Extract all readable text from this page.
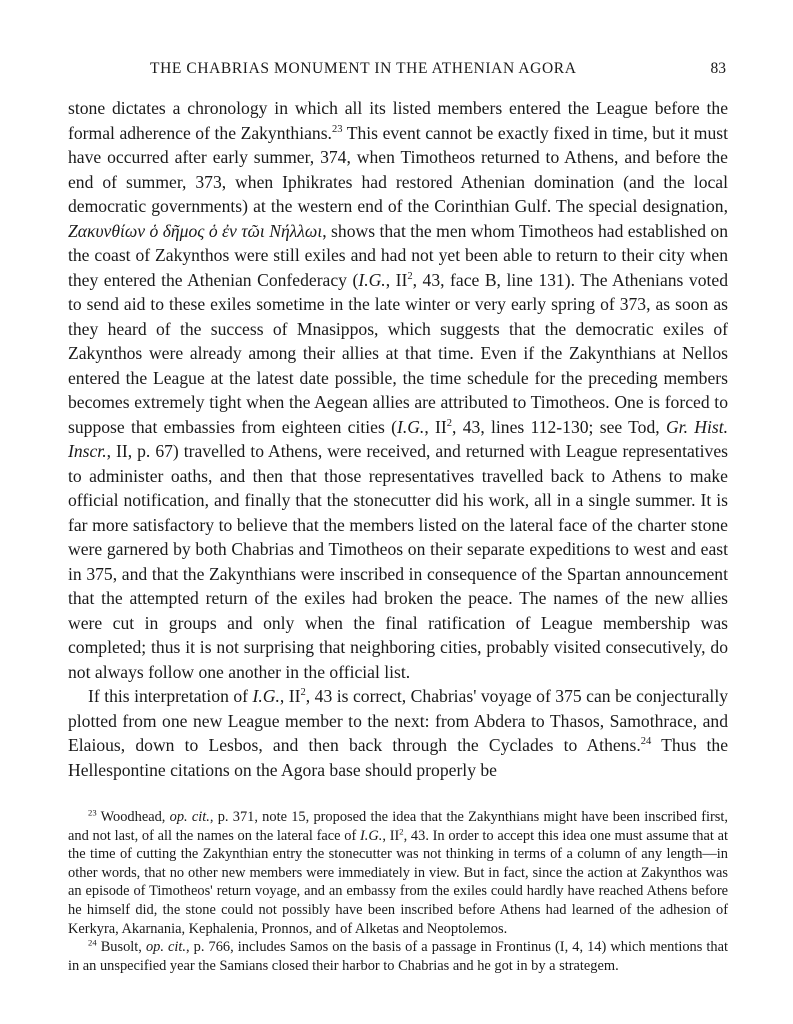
THE CHABRIAS MONUMENT IN THE ATHENIAN AGORA	83

stone dictates a chronology in which all its listed members entered the League before the formal adherence of the Zakynthians.$^{23}$ This event cannot be exactly fixed in time, but it must have occurred after early summer, 374, when Timotheos returned to Athens, and before the end of summer, 373, when Iphikrates had restored Athenian domination (and the local democratic governments) at the western end of the Corinthian Gulf. The special designation, Ζακυνθίων ὁ δῆμος ὁ ἐν τῶι Νήλλωι, shows that the men whom Timotheos had established on the coast of Zakynthos were still exiles and had not yet been able to return to their city when they entered the Athenian Confederacy (I.G., $II^2$, 43, face B, line 131). The Athenians voted to send aid to these exiles sometime in the late winter or very early spring of 373, as soon as they heard of the success of Mnasippos, which suggests that the democratic exiles of Zakynthos were already among their allies at that time. Even if the Zakynthians at Nellos entered the League at the latest date possible, the time schedule for the preceding members becomes extremely tight when the Aegean allies are attributed to Timotheos. One is forced to suppose that embassies from eighteen cities (I.G., $II^2$, 43, lines 112-130; see Tod, Gr. Hist. Inscr., II, p. 67) travelled to Athens, were received, and returned with League representatives to administer oaths, and then that those representatives travelled back to Athens to make official notification, and finally that the stonecutter did his work, all in a single summer. It is far more satisfactory to believe that the members listed on the lateral face of the charter stone were garnered by both Chabrias and Timotheos on their separate expeditions to west and east in 375, and that the Zakynthians were inscribed in consequence of the Spartan announcement that the attempted return of the exiles had broken the peace. The names of the new allies were cut in groups and only when the final ratification of League membership was completed; thus it is not surprising that neighboring cities, probably visited consecutively, do not always follow one another in the official list.

If this interpretation of I.G., $II^2$, 43 is correct, Chabrias' voyage of 375 can be conjecturally plotted from one new League member to the next: from Abdera to Thasos, Samothrace, and Elaious, down to Lesbos, and then back through the Cyclades to Athens.$^{24}$ Thus the Hellespontine citations on the Agora base should properly be

$^{23}$ Woodhead, op. cit., p. 371, note 15, proposed the idea that the Zakynthians might have been inscribed first, and not last, of all the names on the lateral face of I.G., $II^2$, 43. In order to accept this idea one must assume that at the time of cutting the Zakynthian entry the stonecutter was not thinking in terms of a column of any length—in other words, that no other new members were immediately in view. But in fact, since the action at Zakynthos was an episode of Timotheos' return voyage, and an embassy from the exiles could hardly have reached Athens before he himself did, the stone could not possibly have been inscribed before Athens had learned of the adhesion of Kerkyra, Akarnania, Kephalenia, Pronnos, and of Alketas and Neoptolemos.

$^{24}$ Busolt, op. cit., p. 766, includes Samos on the basis of a passage in Frontinus (I, 4, 14) which mentions that in an unspecified year the Samians closed their harbor to Chabrias and he got in by a strategem.
